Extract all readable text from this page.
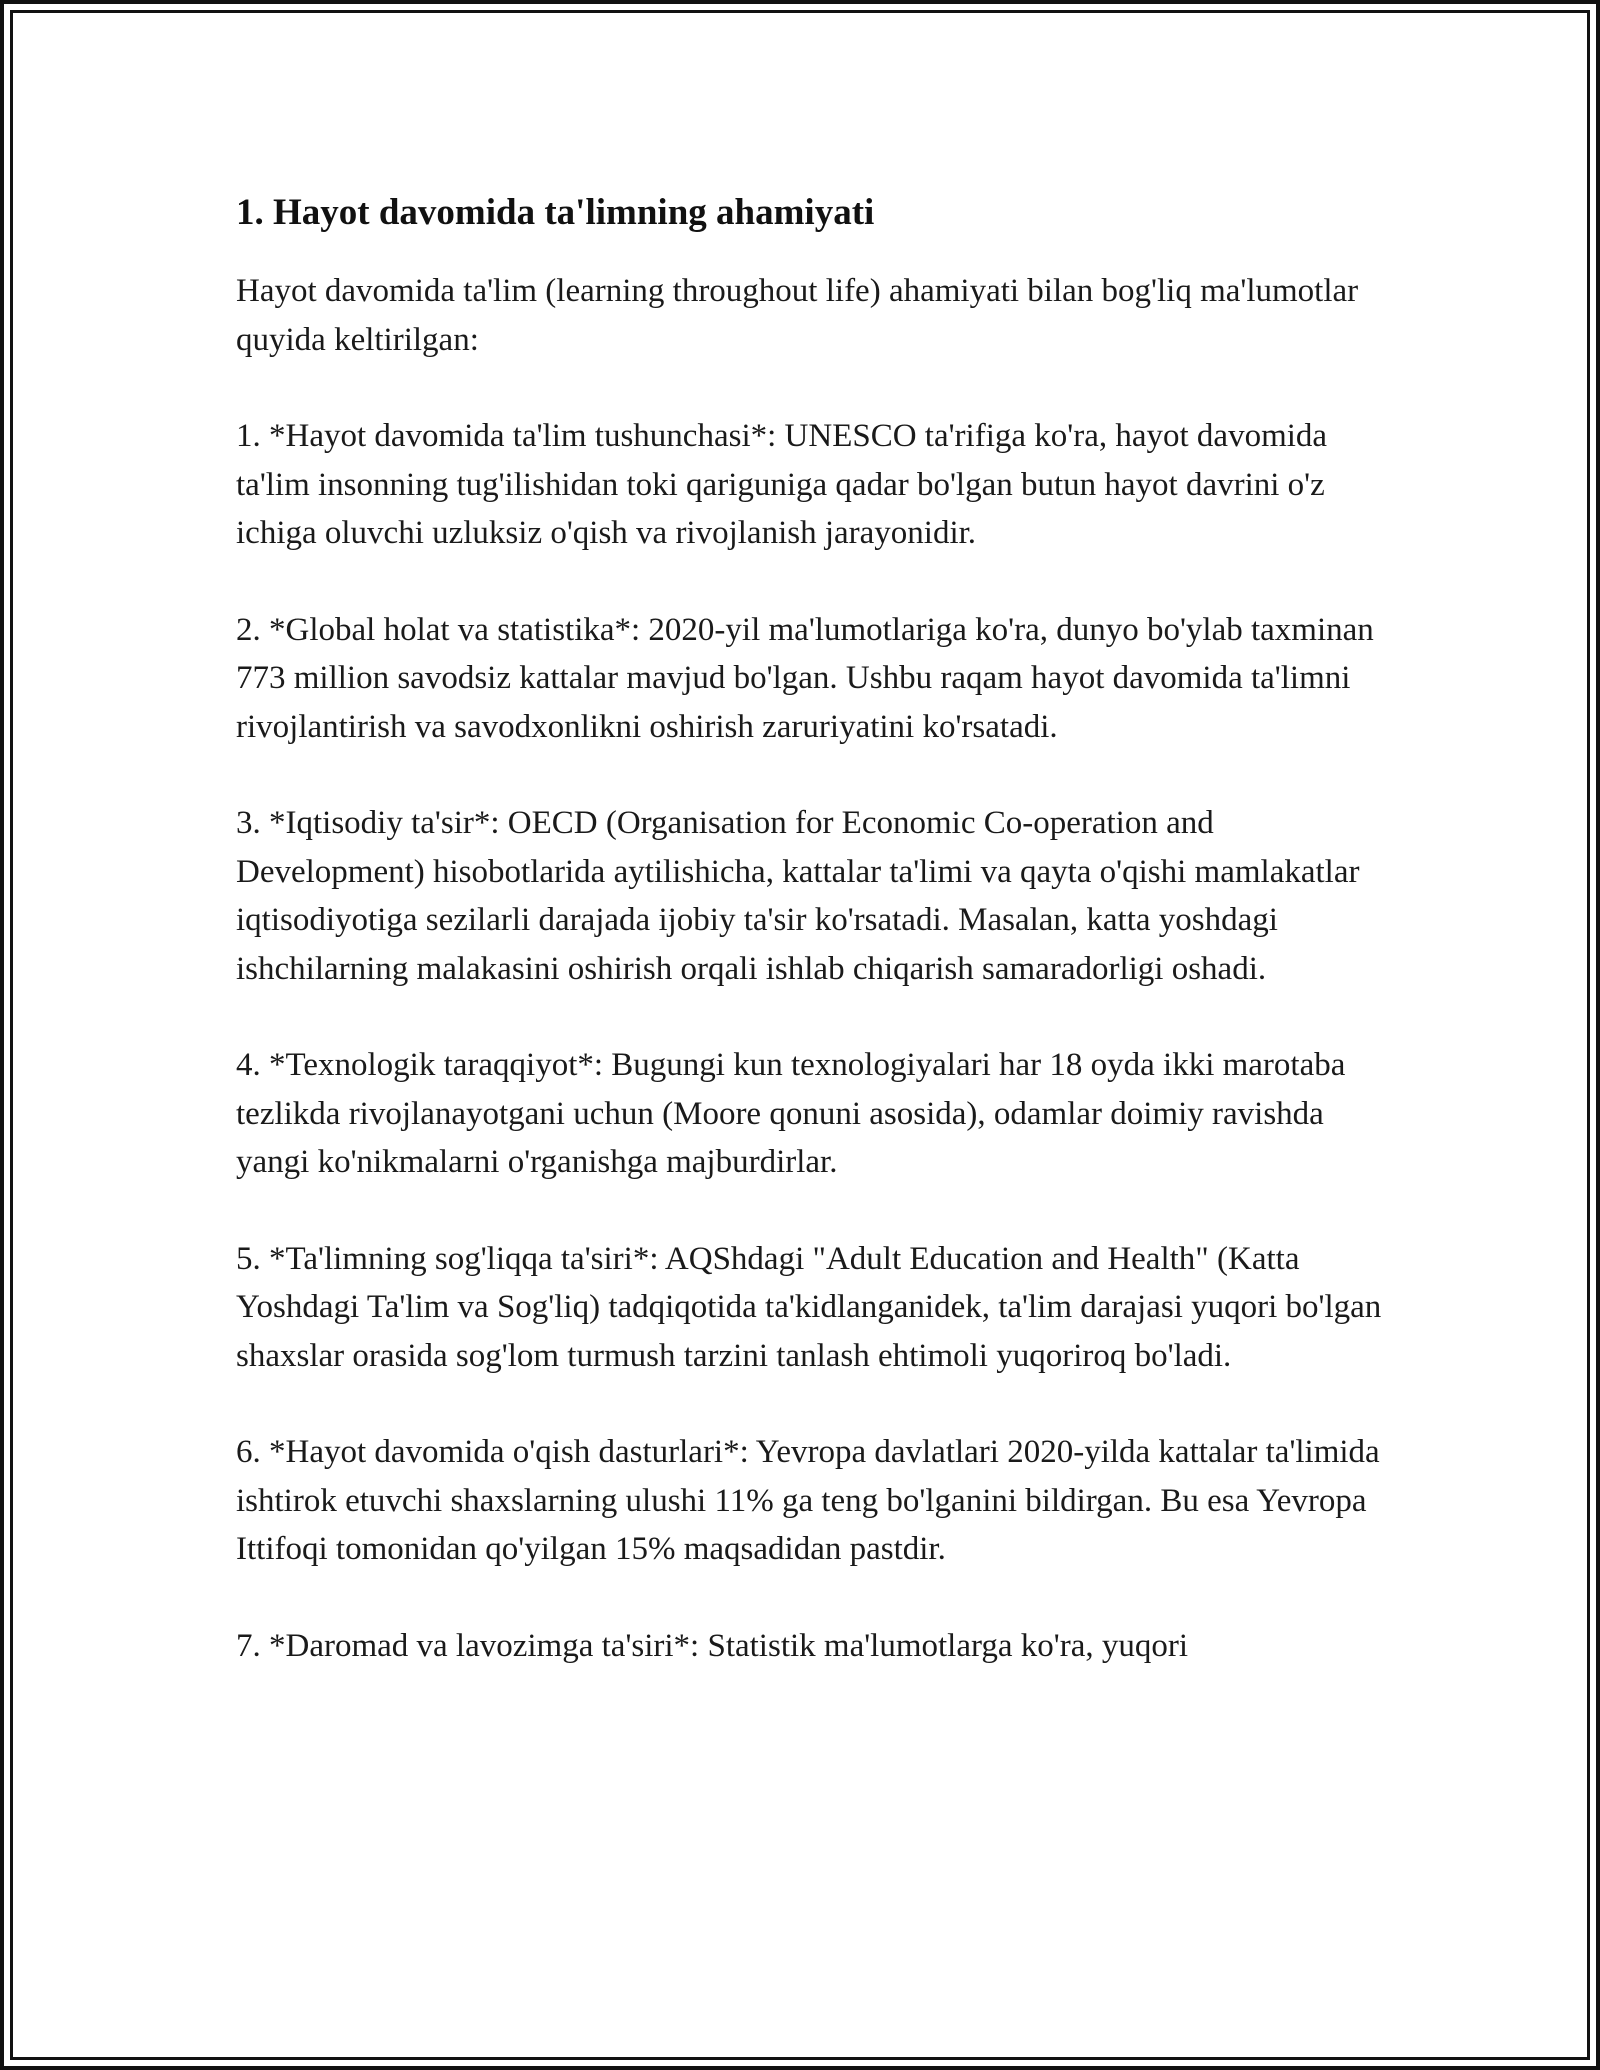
1. Hayot davomida ta'limning ahamiyati

Hayot davomida ta'lim (learning throughout life) ahamiyati bilan bog'liq ma'lumotlar quyida keltirilgan:

1. *Hayot davomida ta'lim tushunchasi*: UNESCO ta'rifiga ko'ra, hayot davomida ta'lim insonning tug'ilishidan toki qariguniga qadar bo'lgan butun hayot davrini o'z ichiga oluvchi uzluksiz o'qish va rivojlanish jarayonidir.

2. *Global holat va statistika*: 2020-yil ma'lumotlariga ko'ra, dunyo bo'ylab taxminan 773 million savodsiz kattalar mavjud bo'lgan. Ushbu raqam hayot davomida ta'limni rivojlantirish va savodxonlikni oshirish zaruriyatini ko'rsatadi.

3. *Iqtisodiy ta'sir*: OECD (Organisation for Economic Co-operation and Development) hisobotlarida aytilishicha, kattalar ta'limi va qayta o'qishi mamlakatlar iqtisodiyotiga sezilarli darajada ijobiy ta'sir ko'rsatadi. Masalan, katta yoshdagi ishchilarning malakasini oshirish orqali ishlab chiqarish samaradorligi oshadi.

4. *Texnologik taraqqiyot*: Bugungi kun texnologiyalari har 18 oyda ikki marotaba tezlikda rivojlanayotgani uchun (Moore qonuni asosida), odamlar doimiy ravishda yangi ko'nikmalarni o'rganishga majburdirlar.

5. *Ta'limning sog'liqqa ta'siri*: AQShdagi "Adult Education and Health" (Katta Yoshdagi Ta'lim va Sog'liq) tadqiqotida ta'kidlanganidek, ta'lim darajasi yuqori bo'lgan shaxslar orasida sog'lom turmush tarzini tanlash ehtimoli yuqoriroq bo'ladi.

6. *Hayot davomida o'qish dasturlari*: Yevropa davlatlari 2020-yilda kattalar ta'limida ishtirok etuvchi shaxslarning ulushi 11% ga teng bo'lganini bildirgan. Bu esa Yevropa Ittifoqi tomonidan qo'yilgan 15% maqsadidan pastdir.

7. *Daromad va lavozimga ta'siri*: Statistik ma'lumotlarga ko'ra, yuqori
